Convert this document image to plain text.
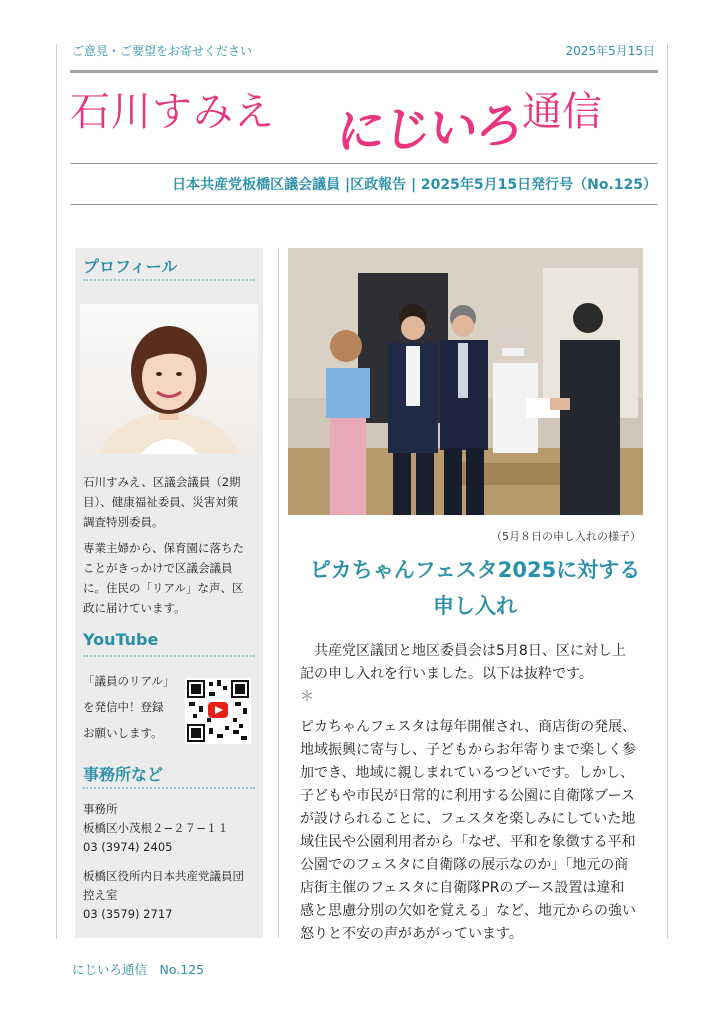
ご意見・ご要望をお寄せください	2025年5月15日
石川すみえ にじいろ
通信
日本共産党板橋区議会議員 |区政報告 | 2025年5月15日発行号（No.125）
プロフィール
石川すみえ、区議会議員（2期
目）、健康福祉委員、災害対策
調査特別委員。
専業主婦から、保育園に落ちた
ことがきっかけで区議会議員
に。住民の「リアル」な声、区
政に届けています。
YouTube
「議員のリアル」
を発信中！登録
お願いします。
事務所など
事務所
板橋区小茂根２−２７−１１
03 (3974) 2405
板橋区役所内日本共産党議員団
控え室
03 (3579) 2717
（5月８日の申し入れの様子）
ピカちゃんフェスタ2025に対する
申し入れ
　共産党区議団と地区委員会は5月8日、区に対し上
記の申し入れを行いました。以下は抜粋です。
＊
ピカちゃんフェスタは毎年開催され、商店街の発展、
地域振興に寄与し、子どもからお年寄りまで楽しく参
加でき、地域に親しまれているつどいです。しかし、
子どもや市民が日常的に利用する公園に自衛隊ブース
が設けられることに、フェスタを楽しみにしていた地
域住民や公園利用者から「なぜ、平和を象徴する平和
公園でのフェスタに自衛隊の展示なのか」「地元の商
店街主催のフェスタに自衛隊PRのブース設置は違和
感と思慮分別の欠如を覚える」など、地元からの強い
怒りと不安の声があがっています。
にじいろ通信　No.125
